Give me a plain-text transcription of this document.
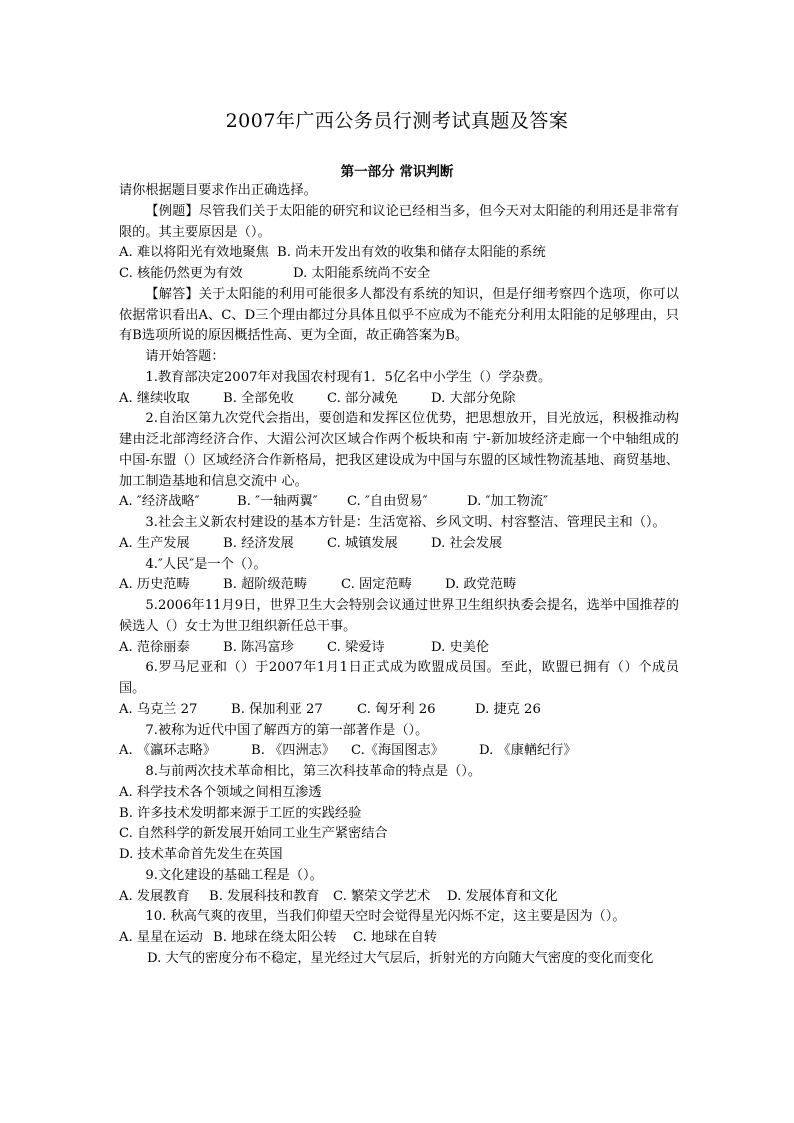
2007年广西公务员行测考试真题及答案
第一部分 常识判断

请你根据题目要求作出正确选择。

【例题】尽管我们关于太阳能的研究和议论已经相当多，但今天对太阳能的利用还是非常有限的。其主要原因是（）。

A. 难以将阳光有效地聚焦 B. 尚未开发出有效的收集和储存太阳能的系统

C. 核能仍然更为有效	D. 太阳能系统尚不安全

【解答】关于太阳能的利用可能很多人都没有系统的知识，但是仔细考察四个选项，你可以依据常识看出A、C、D三个理由都过分具体且似乎不应成为不能充分利用太阳能的足够理由，只有B选项所说的原因概括性高、更为全面，故正确答案为B。

请开始答题：

1.教育部决定2007年对我国农村现有1．5亿名中小学生（）学杂费。

A. 继续收取	B. 全部免收	C. 部分减免	D. 大部分免除

2.自治区第九次党代会指出，要创造和发挥区位优势，把思想放开，目光放远，积极推动构建由泛北部湾经济合作、大湄公河次区域合作两个板块和南 宁-新加坡经济走廊一个中轴组成的中国-东盟（）区域经济合作新格局，把我区建设成为中国与东盟的区域性物流基地、商贸基地、加工制造基地和信息交流中 心。

A. ″经济战略″	B. ″一轴两翼″ C. ″自由贸易″	D. ″加工物流″

3.社会主义新农村建设的基本方针是：生活宽裕、乡风文明、村容整洁、管理民主和（）。

A. 生产发展	B. 经济发展	C. 城镇发展	D. 社会发展

4.″人民″是一个（）。

A. 历史范畴	B. 超阶级范畴	C. 固定范畴	D. 政党范畴

5.2006年11月9日，世界卫生大会特别会议通过世界卫生组织执委会提名，选举中国推荐的候选人（）女士为世卫组织新任总干事。

A. 范徐丽泰	B. 陈冯富珍	C. 梁爱诗	D. 史美伦

6.罗马尼亚和（）于2007年1月1日正式成为欧盟成员国。至此，欧盟已拥有（）个成员国。

A. 乌克兰 27	B. 保加利亚 27	C. 匈牙利 26	D. 捷克 26

7.被称为近代中国了解西方的第一部著作是（）。

A. 《瀛环志略》	B. 《四洲志》 C.《海国图志》	D. 《康輶纪行》

8.与前两次技术革命相比，第三次科技革命的特点是（）。

A. 科学技术各个领域之间相互渗透

B. 许多技术发明都来源于工匠的实践经验

C. 自然科学的新发展开始同工业生产紧密结合

D. 技术革命首先发生在英国

9.文化建设的基础工程是（）。

A. 发展教育 B. 发展科技和教育 C. 繁荣文学艺术 D. 发展体育和文化

10. 秋高气爽的夜里，当我们仰望天空时会觉得星光闪烁不定，这主要是因为（）。

A. 星星在运动 B. 地球在绕太阳公转 C. 地球在自转

D. 大气的密度分布不稳定，星光经过大气层后，折射光的方向随大气密度的变化而变化
